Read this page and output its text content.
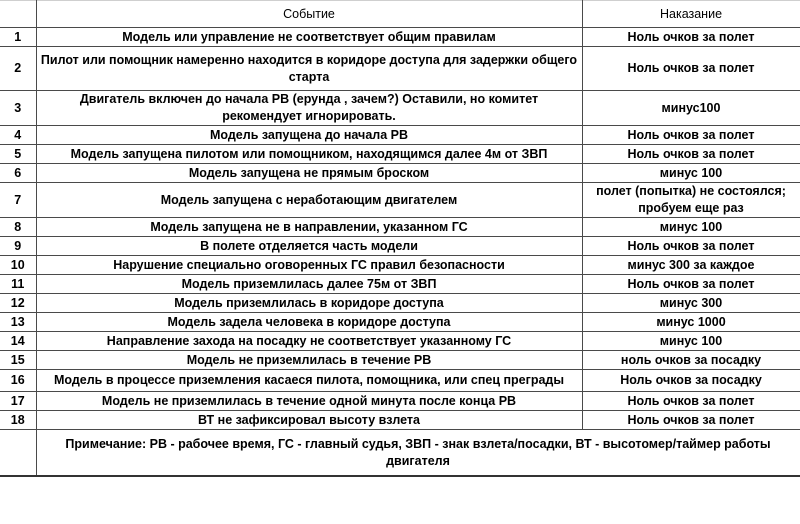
	Событие	Наказание
1	Модель или управление не соответствует общим правилам	Ноль очков за полет
2	Пилот или помощник намеренно находится в коридоре доступа для задержки общего старта	Ноль очков за полет
3	Двигатель включен до начала РВ (ерунда , зачем?) Оставили, но комитет рекомендует игнорировать.	минус100
4	Модель запущена до начала РВ	Ноль очков за полет
5	Модель запущена пилотом или помощником, находящимся далее 4м от ЗВП	Ноль очков за полет
6	Модель запущена не прямым броском	минус 100
7	Модель запущена с неработающим двигателем	полет (попытка) не состоялся; пробуем еще раз
8	Модель запущена не в направлении, указанном ГС	минус 100
9	В полете отделяется часть модели	Ноль очков за полет
10	Нарушение специально оговоренных ГС правил безопасности	минус 300 за каждое
11	Модель приземлилась далее 75м от ЗВП	Ноль очков за полет
12	Модель приземлилась в коридоре доступа	минус 300
13	Модель задела человека в коридоре доступа	минус 1000
14	Направление захода на посадку не соответствует указанному ГС	минус 100
15	Модель не приземлилась в течение РВ	ноль очков за посадку
16	Модель в процессе приземления касаеся пилота, помощника, или спец преграды	Ноль очков за посадку
17	Модель не приземлилась в течение одной минута после конца РВ	Ноль очков за полет
18	ВТ не зафиксировал высоту взлета	Ноль очков за полет
	Примечание: РВ - рабочее время, ГС - главный судья, ЗВП - знак взлета/посадки, ВТ - высотомер/таймер работы двигателя	
